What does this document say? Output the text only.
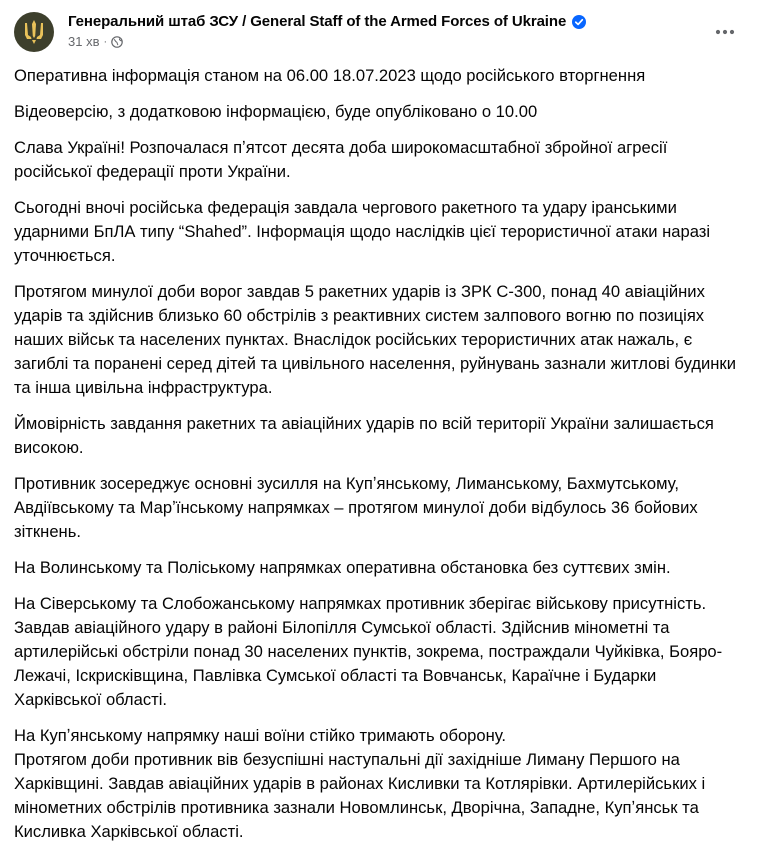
Генеральний штаб ЗСУ / General Staff of the Armed Forces of Ukraine
31 хв ·

Оперативна інформація станом на 06.00 18.07.2023 щодо російського вторгнення

Відеоверсію, з додатковою інформацією, буде опубліковано о 10.00

Слава Україні! Розпочалася пʼятсот десята доба широкомасштабної збройної агресії російської федерації проти України.

Сьогодні вночі російська федерація завдала чергового ракетного та удару іранськими ударними БпЛА типу “Shahed”. Інформація щодо наслідків цієї терористичної атаки наразі уточнюється.

Протягом минулої доби ворог завдав 5 ракетних ударів із ЗРК С-300, понад 40 авіаційних ударів та здійснив близько 60 обстрілів з реактивних систем залпового вогню по позиціях наших військ та населених пунктах. Внаслідок російських терористичних атак нажаль, є загиблі та поранені серед дітей та цивільного населення, руйнувань зазнали житлові будинки та інша цивільна інфраструктура.

Ймовірність завдання ракетних та авіаційних ударів по всій території України залишається високою.

Противник зосереджує основні зусилля на Купʼянському, Лиманському, Бахмутському, Авдіївському та Марʼїнському напрямках – протягом минулої доби відбулось 36 бойових зіткнень.

На Волинському та Поліському напрямках оперативна обстановка без суттєвих змін.

На Сіверському та Слобожанському напрямках противник зберігає військову присутність. Завдав авіаційного удару в районі Білопілля Сумської області. Здійснив мінометні та артилерійські обстріли понад 30 населених пунктів, зокрема, постраждали Чуйківка, Бояро-Лежачі, Іскрисківщина, Павлівка Сумської області та Вовчанськ, Караїчне і Бударки Харківської області.

На Купʼянському напрямку наші воїни стійко тримають оборону.

Протягом доби противник вів безуспішні наступальні дії західніше Лиману Першого на Харківщині. Завдав авіаційних ударів в районах Кисливки та Котлярівки. Артилерійських і мінометних обстрілів противника зазнали Новомлинськ, Дворічна, Западне, Купʼянськ та Кисливка Харківської області.
